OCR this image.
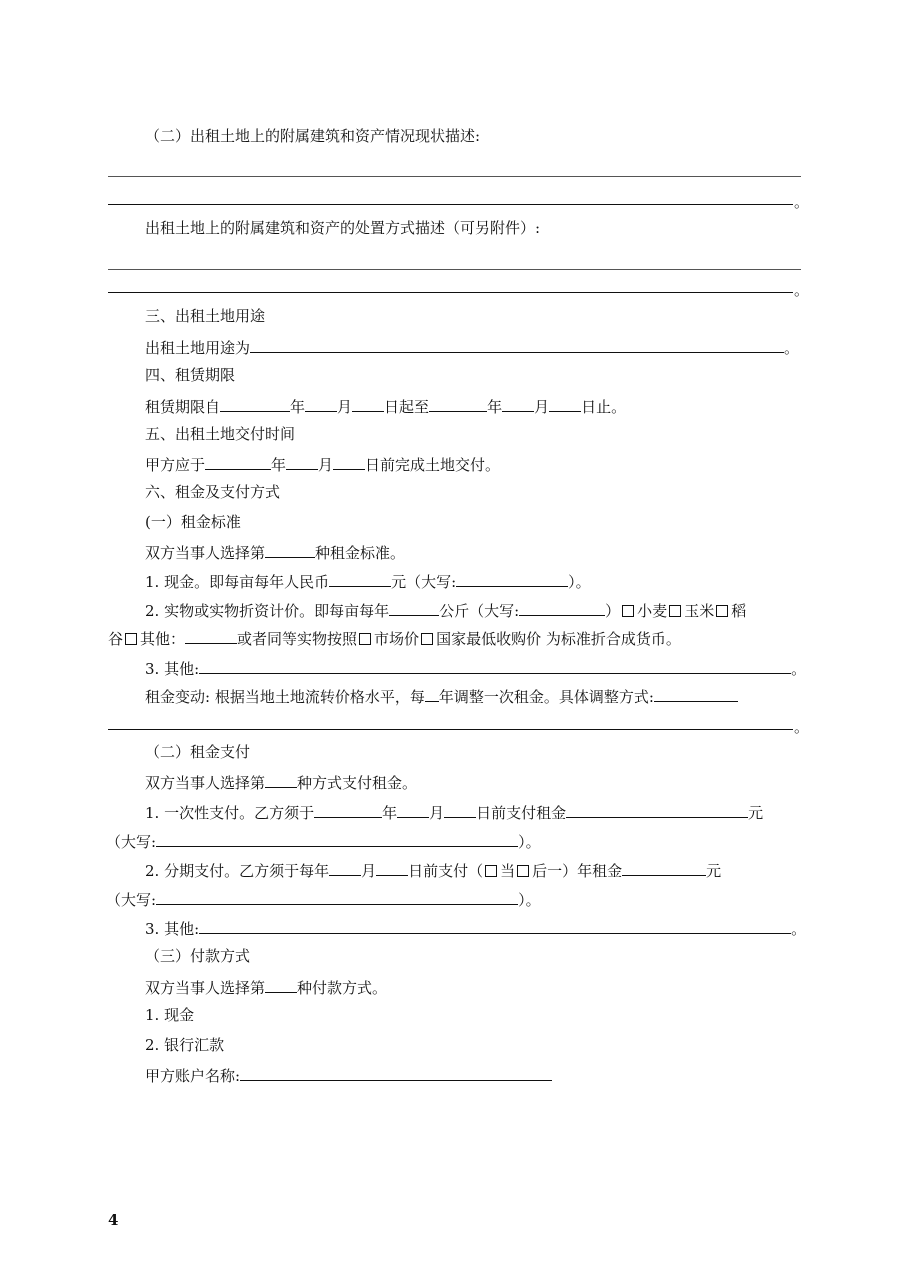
（二）出租土地上的附属建筑和资产情况现状描述:
。
出租土地上的附属建筑和资产的处置方式描述（可另附件）:
。
三、出租土地用途
出租土地用途为	。
四、租赁期限
租赁期限自	年 月 日起至	年 月 日止。
五、出租土地交付时间
甲方应于	年 月 日前完成土地交付。
六、租金及支付方式
(一）租金标准
双方当事人选择第	种租金标准。
1. 现金。即每亩每年人民币	元（大写:	）。
2. 实物或实物折资计价。即每亩每年	公斤（大写:	） 小麦 玉米 稻
谷 其他：	或者同等实物按照 市场价 国家最低收购价 为标准折合成货币。
3. 其他:	。
租金变动: 根据当地土地流转价格水平，每 年调整一次租金。具体调整方式:
。
（二）租金支付
双方当事人选择第 种方式支付租金。
1. 一次性支付。乙方须于	年 月 日前支付租金	元
（大写:	）。
2. 分期支付。乙方须于每年 月 日前支付（ 当 后一）年租金	元
（大写:	）。
3. 其他:	。
（三）付款方式
双方当事人选择第 种付款方式。
1. 现金
2. 银行汇款
甲方账户名称:
4
